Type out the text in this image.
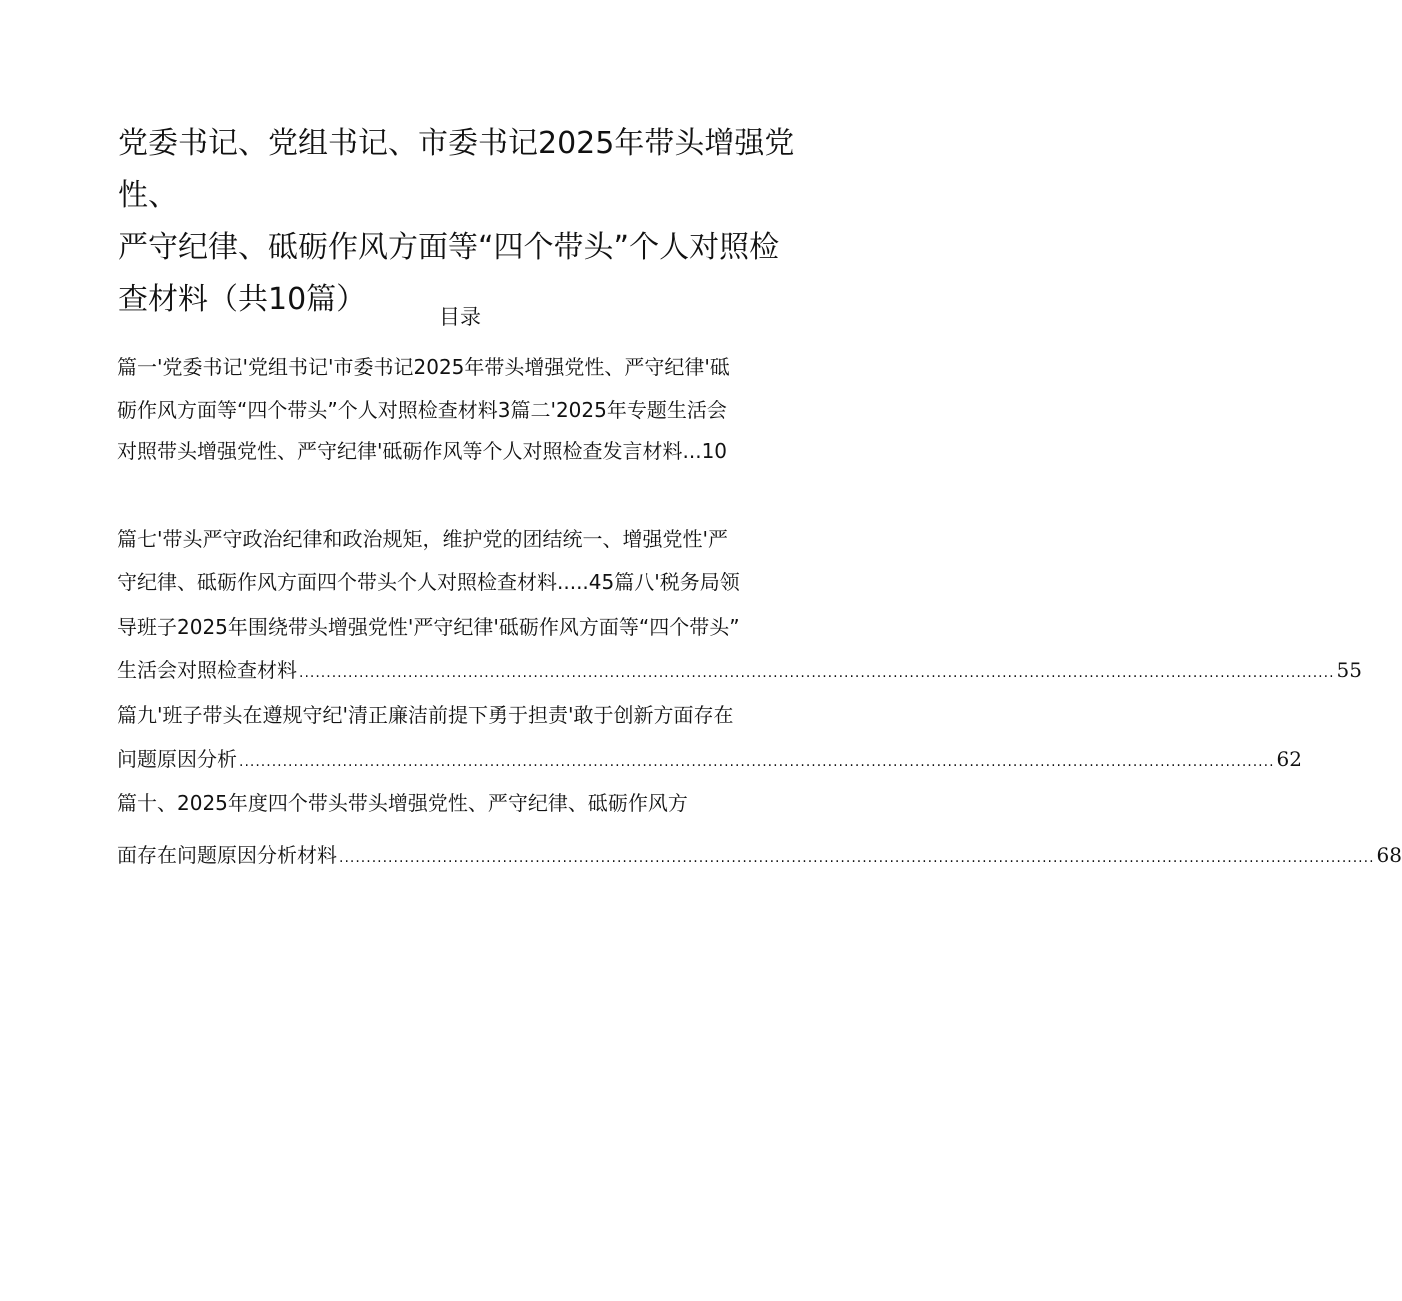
党委书记、党组书记、市委书记2025年带头增强党性、
严守纪律、砥砺作风方面等“四个带头”个人对照检
查材料（共10篇）	目录
篇一'党委书记'党组书记'市委书记2025年带头增强党性、严守纪律'砥
砺作风方面等“四个带头”个人对照检查材料3篇二'2025年专题生活会
对照带头增强党性、严守纪律'砥砺作风等个人对照检查发言材料...10
篇七'带头严守政治纪律和政治规矩，维护党的团结统一、增强党性'严
守纪律、砥砺作风方面四个带头个人对照检查材料.....45篇八'税务局领
导班子2025年围绕带头增强党性'严守纪律'砥砺作风方面等“四个带头”
生活会对照检查材料 .............................................................................................................................................................................................. 55
篇九'班子带头在遵规守纪'清正廉洁前提下勇于担责'敢于创新方面存在
问题原因分析 .............................................................................................................................................................................................. 62
篇十、2025年度四个带头带头增强党性、严守纪律、砥砺作风方
面存在问题原因分析材料 .............................................................................................................................................................................................. 68
